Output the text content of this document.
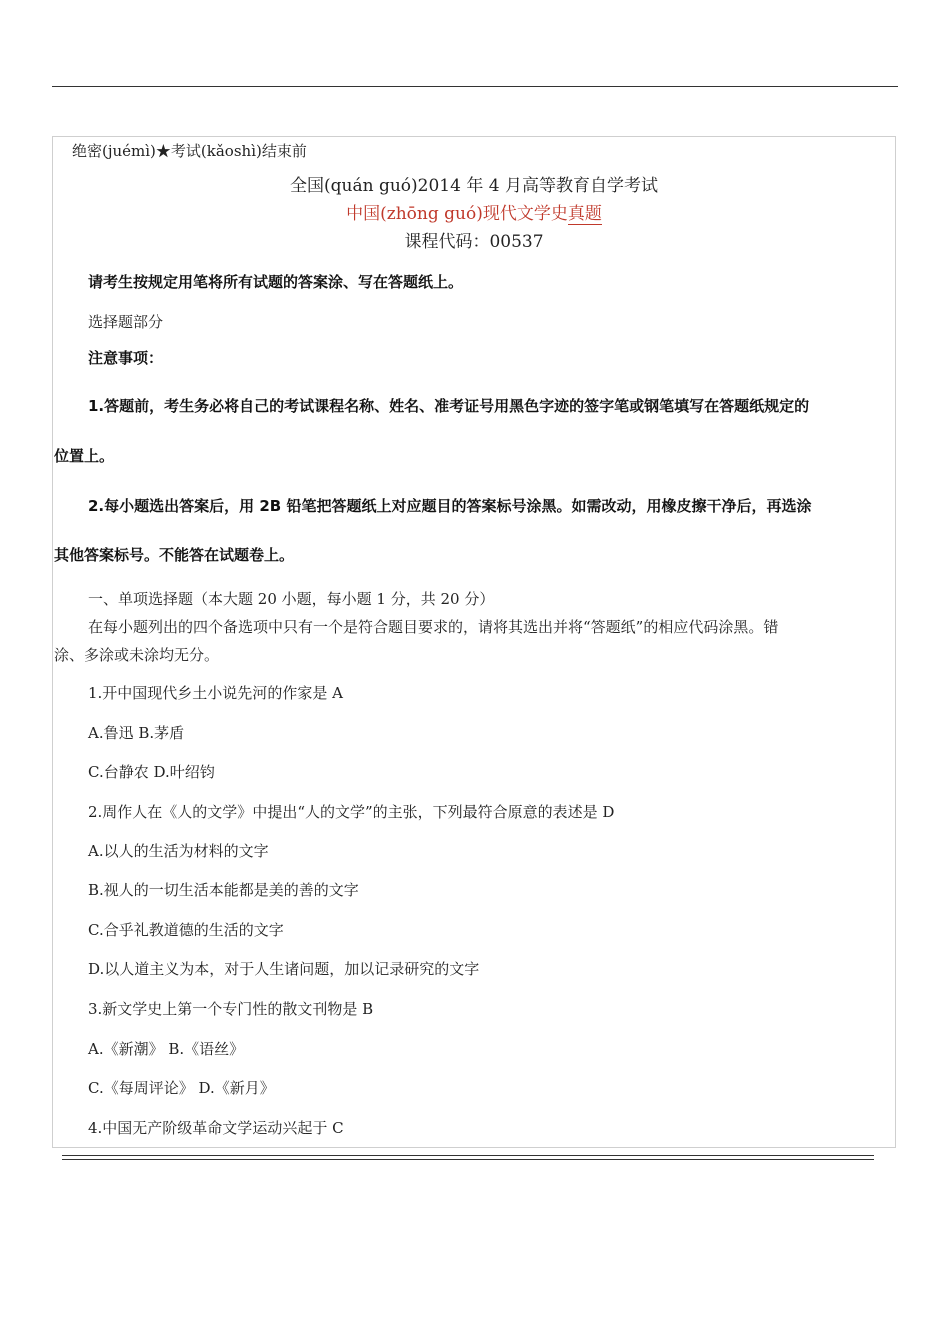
绝密(juémì)★考试(kǎoshì)结束前
全国(quán guó)2014 年 4 月高等教育自学考试
中国(zhōng guó)现代文学史真题
课程代码：00537
请考生按规定用笔将所有试题的答案涂、写在答题纸上。
选择题部分
注意事项：
1.答题前，考生务必将自己的考试课程名称、姓名、准考证号用黑色字迹的签字笔或钢笔填写在答题纸规定的
位置上。
2.每小题选出答案后，用 2B 铅笔把答题纸上对应题目的答案标号涂黑。如需改动，用橡皮擦干净后，再选涂
其他答案标号。不能答在试题卷上。
一、单项选择题（本大题 20 小题，每小题 1 分，共 20 分）
在每小题列出的四个备选项中只有一个是符合题目要求的，请将其选出并将“答题纸”的相应代码涂黑。错
涂、多涂或未涂均无分。
1.开中国现代乡土小说先河的作家是 A
A.鲁迅 B.茅盾
C.台静农 D.叶绍钧
2.周作人在《人的文学》中提出“人的文学”的主张，下列最符合原意的表述是 D
A.以人的生活为材料的文字
B.视人的一切生活本能都是美的善的文字
C.合乎礼教道德的生活的文字
D.以人道主义为本，对于人生诸问题，加以记录研究的文字
3.新文学史上第一个专门性的散文刊物是 B
A.《新潮》 B.《语丝》
C.《每周评论》 D.《新月》
4.中国无产阶级革命文学运动兴起于 C
